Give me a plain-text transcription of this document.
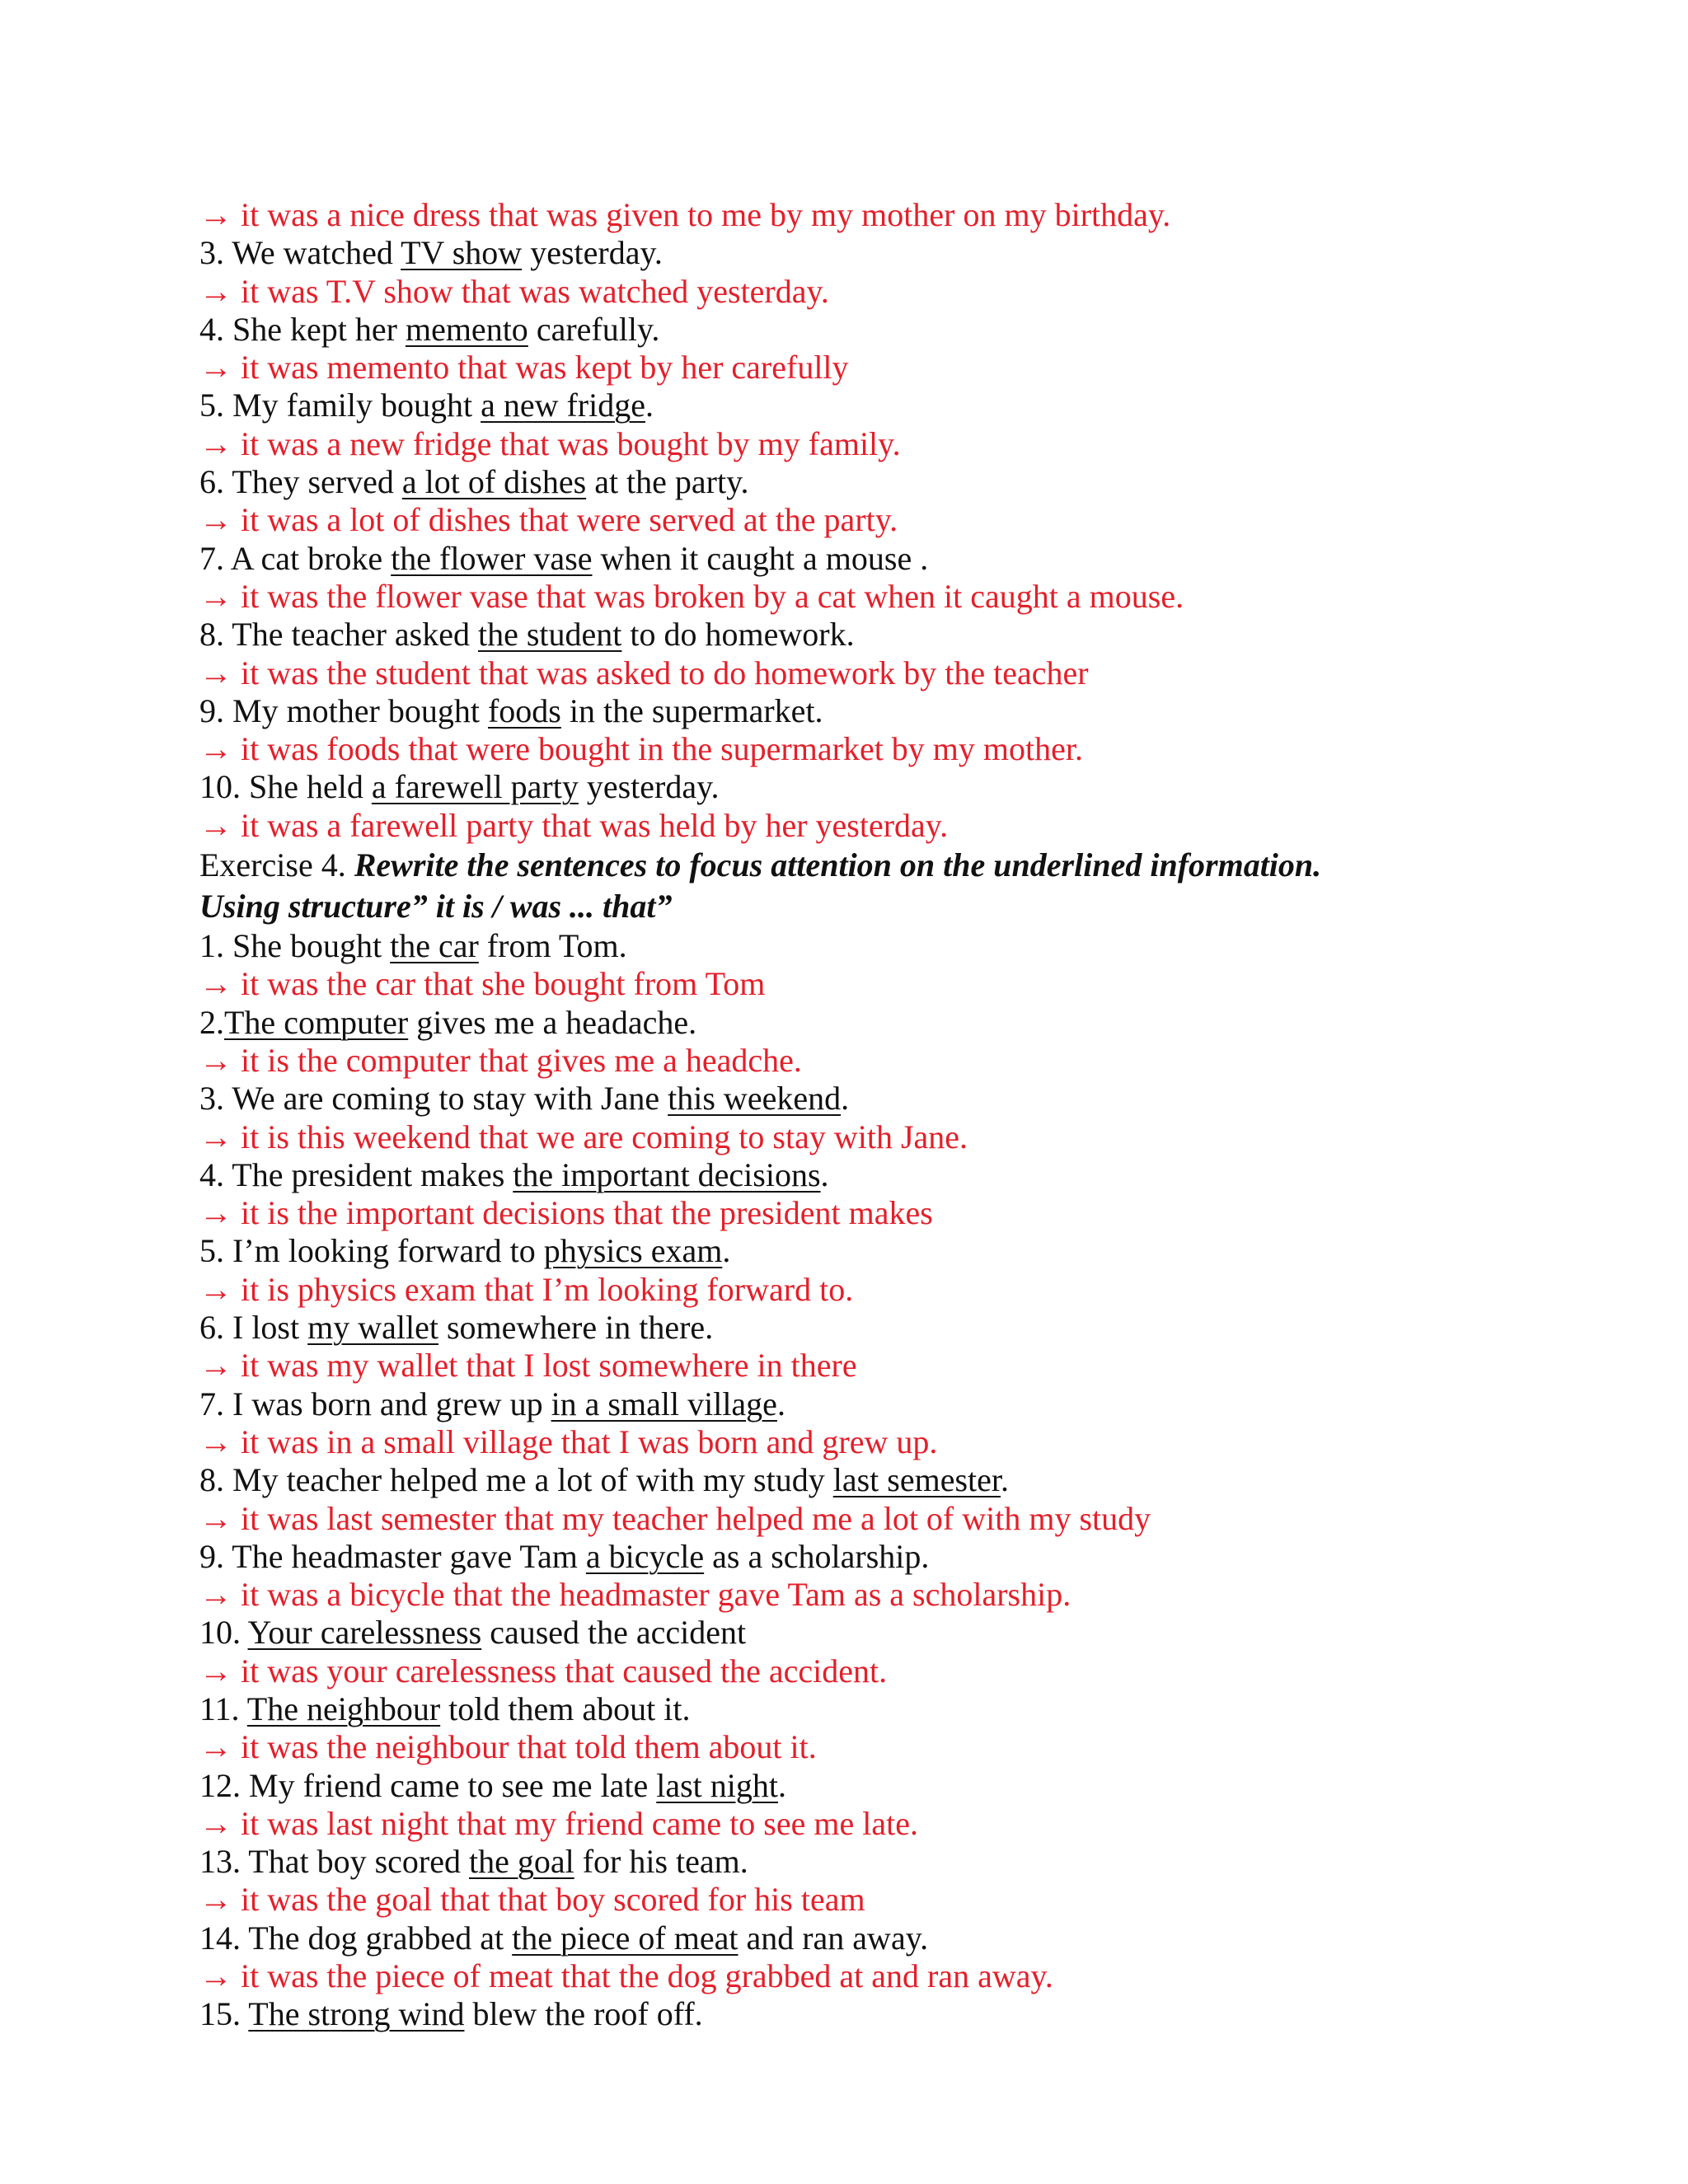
→ it was a nice dress that was given to me by my mother on my birthday.
3. We watched TV show yesterday.
→ it was T.V show that was watched yesterday.
4. She kept her memento carefully.
→ it was memento that was kept by her carefully
5. My family bought a new fridge.
→ it was a new fridge that was bought by my family.
6. They served a lot of dishes at the party.
→ it was a lot of dishes that were served at the party.
7. A cat broke the flower vase when it caught a mouse .
→ it was the flower vase that was broken by a cat when it caught a mouse.
8. The teacher asked the student to do homework.
→ it was the student that was asked to do homework by the teacher
9. My mother bought foods in the supermarket.
→ it was foods that were bought in the supermarket by my mother.
10. She held a farewell party yesterday.
→ it was a farewell party that was held by her yesterday.
Exercise 4. Rewrite the sentences to focus attention on the underlined information.
Using structure” it is / was ... that”
1. She bought the car from Tom.
→ it was the car that she bought from Tom
2.The computer gives me a headache.
→ it is the computer that gives me a headche.
3. We are coming to stay with Jane this weekend.
→ it is this weekend that we are coming to stay with Jane.
4. The president makes the important decisions.
→ it is the important decisions that the president makes
5. I’m looking forward to physics exam.
→ it is physics exam that I’m looking forward to.
6. I lost my wallet somewhere in there.
→ it was my wallet that I lost somewhere in there
7. I was born and grew up in a small village.
→ it was in a small village that I was born and grew up.
8. My teacher helped me a lot of with my study last semester.
→ it was last semester that my teacher helped me a lot of with my study
9. The headmaster gave Tam a bicycle as a scholarship.
→ it was a bicycle that the headmaster gave Tam as a scholarship.
10. Your carelessness caused the accident
→ it was your carelessness that caused the accident.
11. The neighbour told them about it.
→ it was the neighbour that told them about it.
12. My friend came to see me late last night.
→ it was last night that my friend came to see me late.
13. That boy scored the goal for his team.
→ it was the goal that that boy scored for his team
14. The dog grabbed at the piece of meat and ran away.
→ it was the piece of meat that the dog grabbed at and ran away.
15. The strong wind blew the roof off.
